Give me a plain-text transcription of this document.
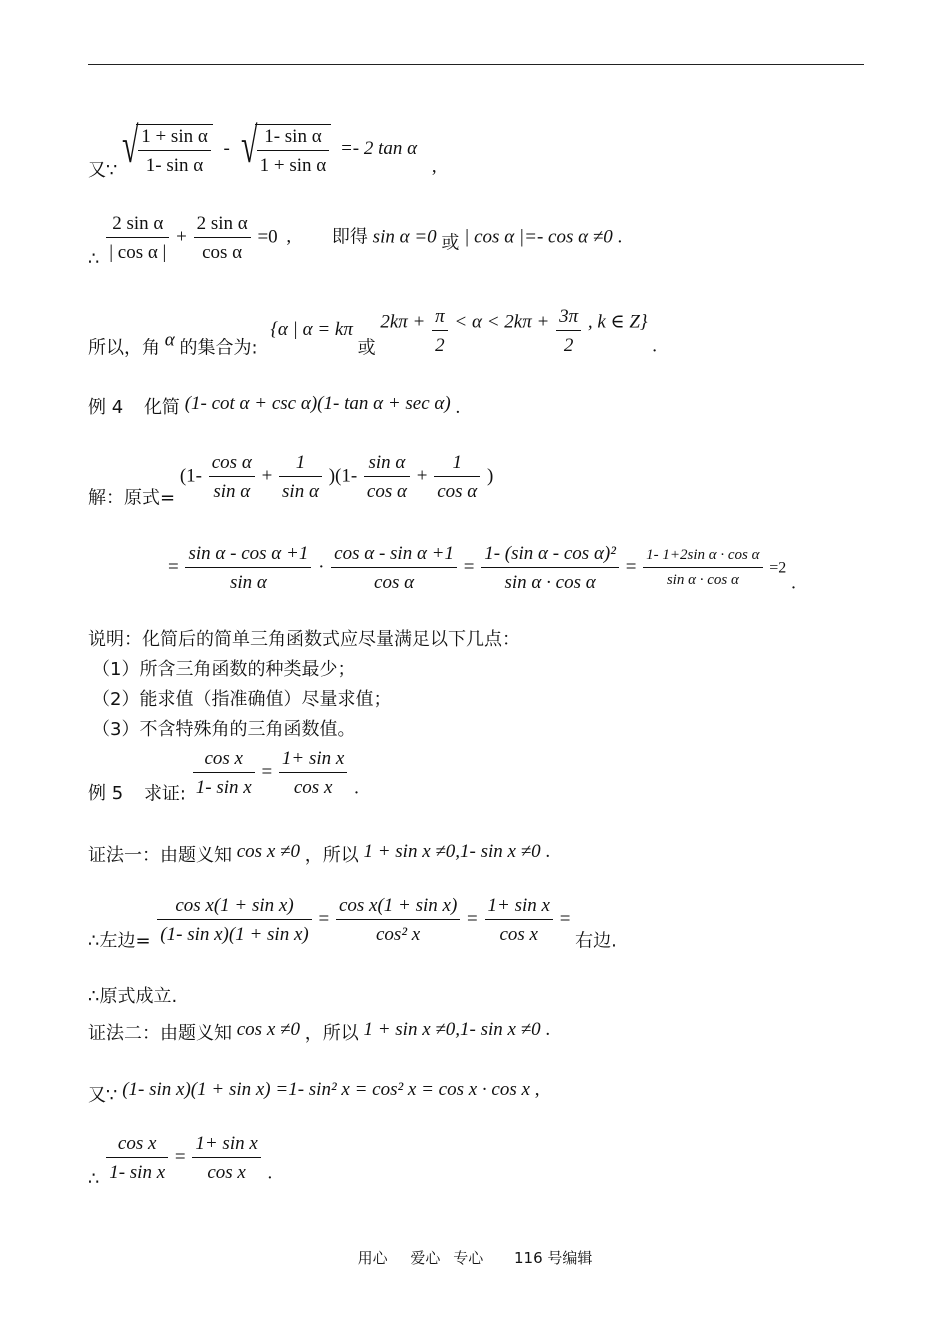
又∵ √ $\frac{\text{1 + sin α}}{\text{1- sin α}}$ - √ $\frac{\text{1- sin α}}{\text{1 + sin α}} =- 2$ tan α ,
∴ $\frac{\text{2 sin α}}{\text{| cos α |}} + \frac{\text{2 sin α}}{\text{cos α}} =0$ , 即得 sin α =0 或 | cos α |=- cos α ≠0 .
所以，角 α 的集合为: {α | α = kπ 或 $2k\pi + \frac{\pi}{2} < \alpha < 2k\pi + \frac{3\pi}{2}$ , k ∈ Z} .
例 4 化简 (1- cot α + csc α)(1- tan α + sec α) .
解：原式= $(1- \frac{\text{cos α}}{\text{sin α}} + \frac{1}{\text{sin α}} )(1- \frac{\text{sin α}}{\text{cos α}} + \frac{1}{\text{cos α}}$ )
= $\frac{\text{sin α - cos α +1}}{\text{sin α}} \cdot \frac{\text{cos α - sin α +1}}{\text{cos α}} = \frac{\text{1- (sin α - cos α)²}}{\text{sin α · cos α}} = \frac{\text{1- 1+2sin α · cos α}}{\text{sin α · cos α}} =2$ .
说明：化简后的简单三角函数式应尽量满足以下几点：
（1）所含三角函数的种类最少；
（2）能求值（指准确值）尽量求值；
（3）不含特殊角的三角函数值。
例 5 求证: $\frac{\text{cos x}}{\text{1- sin x}} = \frac{\text{1+ sin x}}{\text{cos x}}$ .
证法一：由题义知 cos x ≠0 ，所以 1 + sin x ≠0,1- sin x ≠0 .
∴左边= $\frac{\text{cos x(1 + sin x)}}{\text{(1- sin x)(1 + sin x)}} = \frac{\text{cos x(1 + sin x)}}{\text{cos² x}} = \frac{\text{1+ sin x}}{\text{cos x}}$ = 右边.
∴原式成立.
证法二：由题义知 cos x ≠0 ，所以 1 + sin x ≠0,1- sin x ≠0 .
又∵ (1- sin x)(1 + sin x) =1- sin² x = cos² x = cos x · cos x ,
∴ $\frac{\text{cos x}}{\text{1- sin x}} = \frac{\text{1+ sin x}}{\text{cos x}}$ .
用心 爱心 专心 116 号编辑
